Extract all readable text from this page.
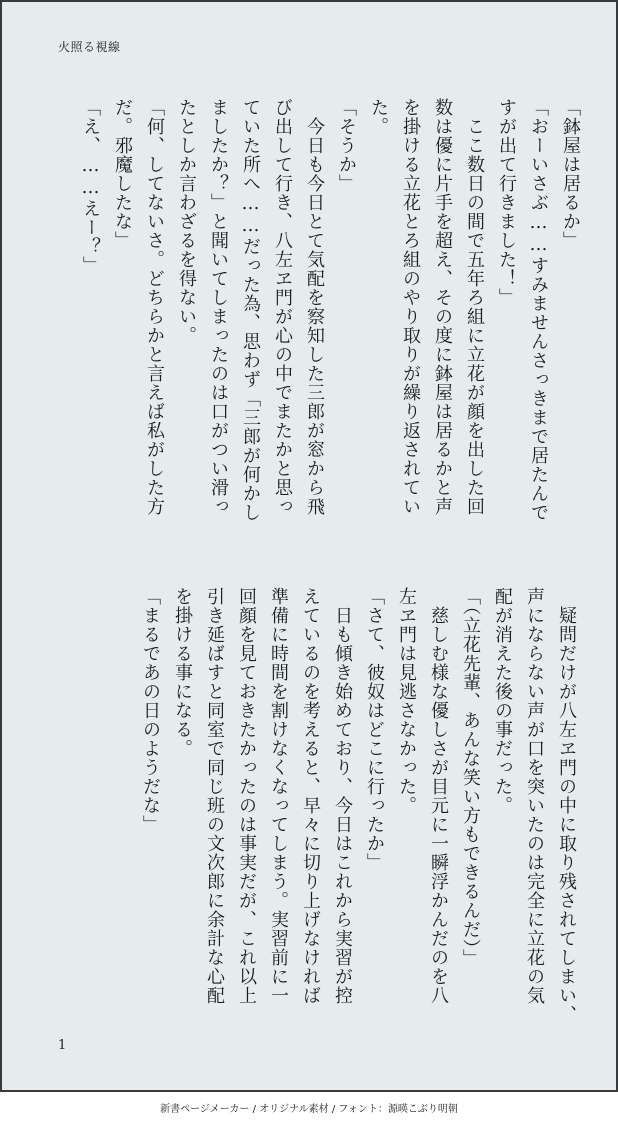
火照る視線

「鉢屋は居るか」

「おーいさぶ……すみませんさっきまで居たんで

すが出て行きました！」

　ここ数日の間で五年ろ組に立花が顔を出した回

数は優に片手を超え、その度に鉢屋は居るかと声

を掛ける立花とろ組のやり取りが繰り返されてい

た。

「そうか」

　今日も今日とて気配を察知した三郎が窓から飛

び出して行き、八左ヱ門が心の中でまたかと思っ

ていた所へ……だった為、思わず「三郎が何かし

ましたか？」と聞いてしまったのは口がつい滑っ

たとしか言わざるを得ない。

「何、してないさ。どちらかと言えば私がした方

だ。邪魔したな」

「え、……えー？」

　疑問だけが八左ヱ門の中に取り残されてしまい、

声にならない声が口を突いたのは完全に立花の気

配が消えた後の事だった。

「（立花先輩、あんな笑い方もできるんだ）」

　慈しむ様な優しさが目元に一瞬浮かんだのを八

左ヱ門は見逃さなかった。

「さて、彼奴はどこに行ったか」

　日も傾き始めており、今日はこれから実習が控

えているのを考えると、早々に切り上げなければ

準備に時間を割けなくなってしまう。実習前に一

回顔を見ておきたかったのは事実だが、これ以上

引き延ばすと同室で同じ班の文次郎に余計な心配

を掛ける事になる。

「まるであの日のようだな」

1
新書ページメーカー / オリジナル素材 / フォント：源暎こぶり明朝
